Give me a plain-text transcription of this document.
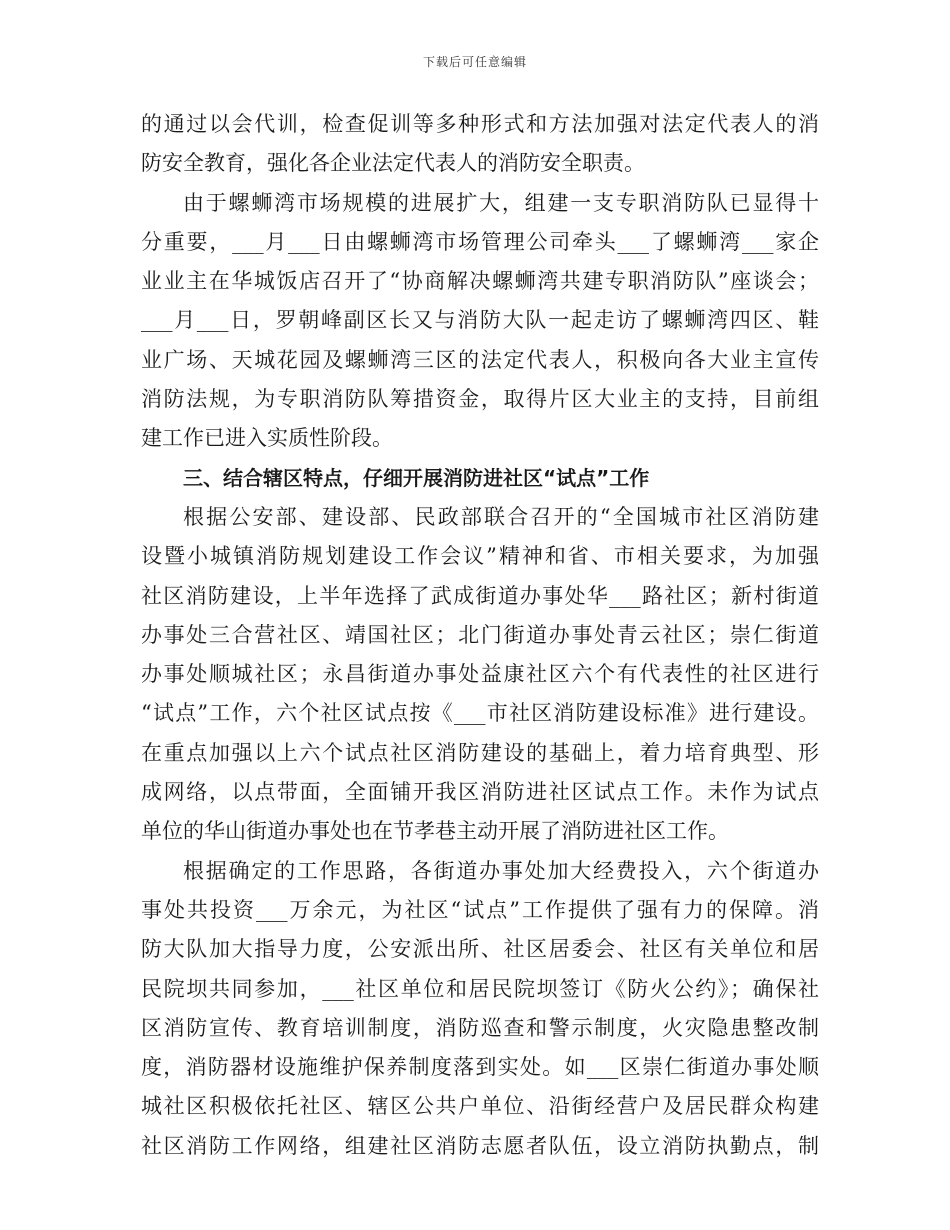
下载后可任意编辑
的通过以会代训，检查促训等多种形式和方法加强对法定代表人的消
防安全教育，强化各企业法定代表人的消防安全职责。
由于螺蛳湾市场规模的进展扩大，组建一支专职消防队已显得十
分重要，___月___日由螺蛳湾市场管理公司牵头___了螺蛳湾___家企
业业主在华城饭店召开了“协商解决螺蛳湾共建专职消防队”座谈会；
___月___日，罗朝峰副区长又与消防大队一起走访了螺蛳湾四区、鞋
业广场、天城花园及螺蛳湾三区的法定代表人，积极向各大业主宣传
消防法规，为专职消防队筹措资金，取得片区大业主的支持，目前组
建工作已进入实质性阶段。
三、结合辖区特点，仔细开展消防进社区“试点”工作
根据公安部、建设部、民政部联合召开的“全国城市社区消防建
设暨小城镇消防规划建设工作会议”精神和省、市相关要求，为加强
社区消防建设，上半年选择了武成街道办事处华___路社区；新村街道
办事处三合营社区、靖国社区；北门街道办事处青云社区；崇仁街道
办事处顺城社区；永昌街道办事处益康社区六个有代表性的社区进行
“试点”工作，六个社区试点按《___市社区消防建设标准》进行建设。
在重点加强以上六个试点社区消防建设的基础上，着力培育典型、形
成网络，以点带面，全面铺开我区消防进社区试点工作。未作为试点
单位的华山街道办事处也在节孝巷主动开展了消防进社区工作。
根据确定的工作思路，各街道办事处加大经费投入，六个街道办
事处共投资___万余元，为社区“试点”工作提供了强有力的保障。消
防大队加大指导力度，公安派出所、社区居委会、社区有关单位和居
民院坝共同参加，___社区单位和居民院坝签订《防火公约》；确保社
区消防宣传、教育培训制度，消防巡查和警示制度，火灾隐患整改制
度，消防器材设施维护保养制度落到实处。如___区崇仁街道办事处顺
城社区积极依托社区、辖区公共户单位、沿街经营户及居民群众构建
社区消防工作网络，组建社区消防志愿者队伍，设立消防执勤点，制
